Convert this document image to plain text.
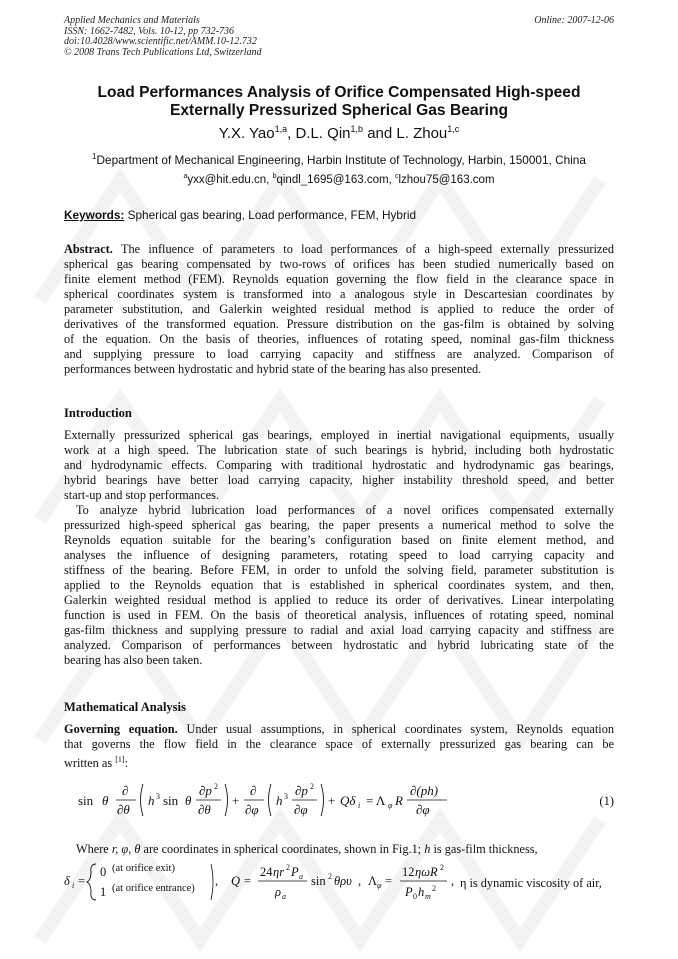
Applied Mechanics and Materials
ISSN: 1662-7482, Vols. 10-12, pp 732-736
doi:10.4028/www.scientific.net/AMM.10-12.732
© 2008 Trans Tech Publications Ltd, Switzerland
Online: 2007-12-06
Load Performances Analysis of Orifice Compensated High-speed
Externally Pressurized Spherical Gas Bearing
Y.X. Yao$^{1,a}$, D.L. Qin$^{1,b}$ and L. Zhou$^{1,c}$
$^1$Department of Mechanical Engineering, Harbin Institute of Technology, Harbin, 150001, China
$^a$yxx@hit.edu.cn, $^b$qindl_1695@163.com, $^c$lzhou75@163.com
Keywords: Spherical gas bearing, Load performance, FEM, Hybrid
Abstract. The influence of parameters to load performances of a high-speed externally pressurized
spherical gas bearing compensated by two-rows of orifices has been studied numerically based on
finite element method (FEM). Reynolds equation governing the flow field in the clearance space in
spherical coordinates system is transformed into a analogous style in Descartesian coordinates by
parameter substitution, and Galerkin weighted residual method is applied to reduce the order of
derivatives of the transformed equation. Pressure distribution on the gas-film is obtained by solving
of the equation. On the basis of theories, influences of rotating speed, nominal gas-film thickness
and supplying pressure to load carrying capacity and stiffness are analyzed. Comparison of
performances between hydrostatic and hybrid state of the bearing has also presented.
Introduction
Externally pressurized spherical gas bearings, employed in inertial navigational equipments, usually
work at a high speed. The lubrication state of such bearings is hybrid, including both hydrostatic
and hydrodynamic effects. Comparing with traditional hydrostatic and hydrodynamic gas bearings,
hybrid bearings have better load carrying capacity, higher instability threshold speed, and better
start-up and stop performances.
To analyze hybrid lubrication load performances of a novel orifices compensated externally
pressurized high-speed spherical gas bearing, the paper presents a numerical method to solve the
Reynolds equation suitable for the bearing’s configuration based on finite element method, and
analyses the influence of designing parameters, rotating speed to load carrying capacity and
stiffness of the bearing. Before FEM, in order to unfold the solving field, parameter substitution is
applied to the Reynolds equation that is established in spherical coordinates system, and then,
Galerkin weighted residual method is applied to reduce its order of derivatives. Linear interpolating
function is used in FEM. On the basis of theoretical analysis, influences of rotating speed, nominal
gas-film thickness and supplying pressure to radial and axial load carrying capacity and stiffness are
analyzed. Comparison of performances between hydrostatic and hybrid lubricating state of the
bearing has also been taken.
Mathematical Analysis
Governing equation. Under usual assumptions, in spherical coordinates system, Reynolds equation
that governs the flow field in the clearance space of externally pressurized gas bearing can be
written as [1]:
sin θ
∂
∂θ
h 3 sin θ
∂p 2
∂θ
+
∂
∂φ
h 3 ∂p 2
∂φ
+ Qδ i = Λ φ R
∂(ph)
∂φ
(1)
Where r, φ, θ are coordinates in spherical coordinates, shown in Fig.1; h is gas-film thickness,
δ i =
0
1
, Q =
24 ηr 2 P a
ρ a
sin 2 θρυ , Λ φ =
12 ηωR 2
P 0 h m
2
,
(at orifice exit)
(at orifice entrance)	η is dynamic viscosity of air,
